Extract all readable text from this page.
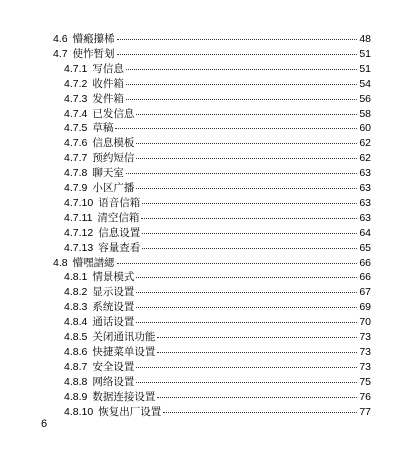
4.6 懵瘢攥桸	48
4.7 使怍暂刬	51
4.7.1 写信息	51
4.7.2 收件箱	54
4.7.3 发件箱	56
4.7.4 已发信息	58
4.7.5 草稿	60
4.7.6 信息模板	62
4.7.7 预约短信	62
4.7.8 聊天室	63
4.7.9 小区广播	63
4.7.10 语音信箱	63
4.7.11 清空信箱	63
4.7.12 信息设置	64
4.7.13 容量查看	65
4.8 懵嘿譜緦	66
4.8.1 情景模式	66
4.8.2 显示设置	67
4.8.3 系统设置	69
4.8.4 通话设置	70
4.8.5 关闭通讯功能	73
4.8.6 快捷菜单设置	73
4.8.7 安全设置	73
4.8.8 网络设置	75
4.8.9 数据连接设置	76
4.8.10 恢复出厂设置	77
6
